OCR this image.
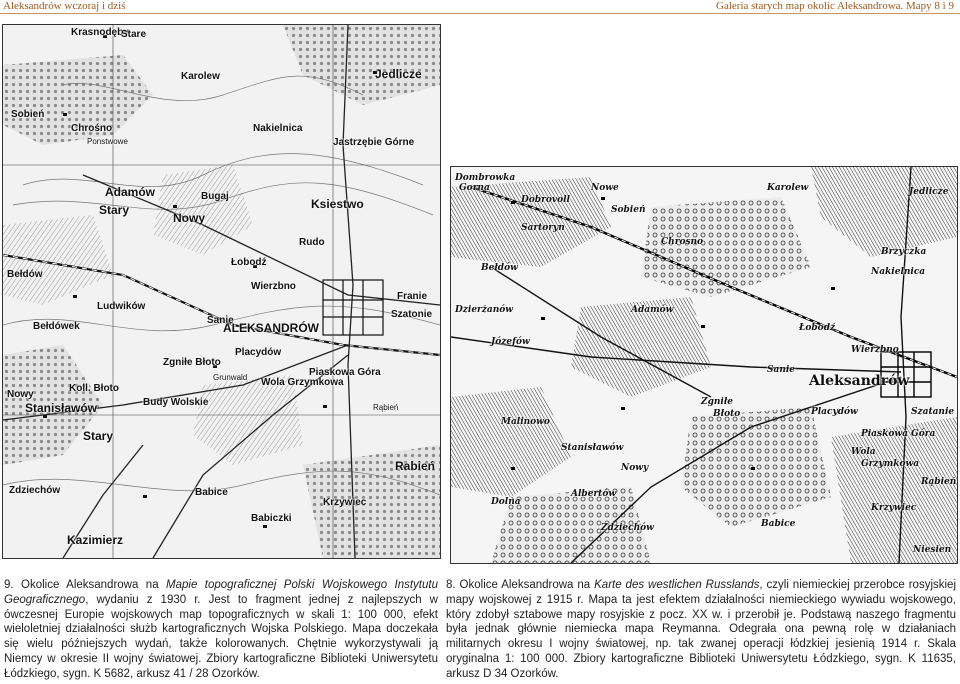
Aleksandrów wczoraj i dziś	Galeria starych map okolic Aleksandrowa. Mapy 8 i 9
Krasnodęby
Stare
Sobień
Chrośno
Ponstwowe
Karolew	Jedlicze
Nakielnica
Jastrzębie Górne
Adamów
Stary
Bugaj
Ksiestwo
Nowy
Rudo
Łobodź
Bełdów
Wierzbno
Ludwików
Bełdówek
Sanie
ALEKSANDRÓW
Franie
Szatonie
Placydów
Zgniłe Błoto
Koll. Błoto
Stanisławów
Wola Grzymkowa
Budy Wolskie
Stary
Rabień
Zdziechów	Babice
Krzywiec
Babiczki
Kazimierz
Nowy
Grunwald	Piaskowa Góra
Rąbień
Dombrowka
Gorna
Dobrovoll
Nowe
Sobień
Karolew	Jedlicze
Sartoryn
Bełdów
Chrosno
Nakielnica
Brzyczka
Dzierżanów	Adamów
Łobodź
Wierzbno
Józefów
Sanie
Aleksandrów
Malinowo
Zgniłe
Błoto	Placydów	Szatanie
Stanisławów
Nowy
Wola
Grzymkowa
Piaskowa Góra
Rąbień
Albertów
Dolna
Zdziechów	Babice
Krzywiec
Niesien
9. Okolice Aleksandrowa na Mapie topograficznej Polski Wojskowego Instytutu Geograficznego, wydaniu z 1930 r. Jest to fragment jednej z najlepszych w ówczesnej Europie wojskowych map topograficznych w skali 1: 100 000, efekt wieloletniej działalności służb kartograficznych Wojska Polskiego. Mapa doczekała się wielu późniejszych wydań, także kolorowanych. Chętnie wykorzystywali ją Niemcy w okresie II wojny światowej. Zbiory kartograficzne Biblioteki Uniwersytetu Łódzkiego, sygn. K 5682, arkusz 41 / 28 Ozorków.
8. Okolice Aleksandrowa na Karte des westlichen Russlands, czyli niemieckiej przerobce rosyjskiej mapy wojskowej z 1915 r. Mapa ta jest efektem działalności niemieckiego wywiadu wojskowego, który zdobył sztabowe mapy rosyjskie z pocz. XX w. i przerobił je. Podstawą naszego fragmentu była jednak głównie niemiecka mapa Reymanna. Odegrała ona pewną rolę w działaniach militarnych okresu I wojny światowej, np. tak zwanej operacji łódzkiej jesienią 1914 r. Skala oryginalna 1: 100 000. Zbiory kartograficzne Biblioteki Uniwersytetu Łódzkiego, sygn. K 11635, arkusz D 34 Ozorków.
